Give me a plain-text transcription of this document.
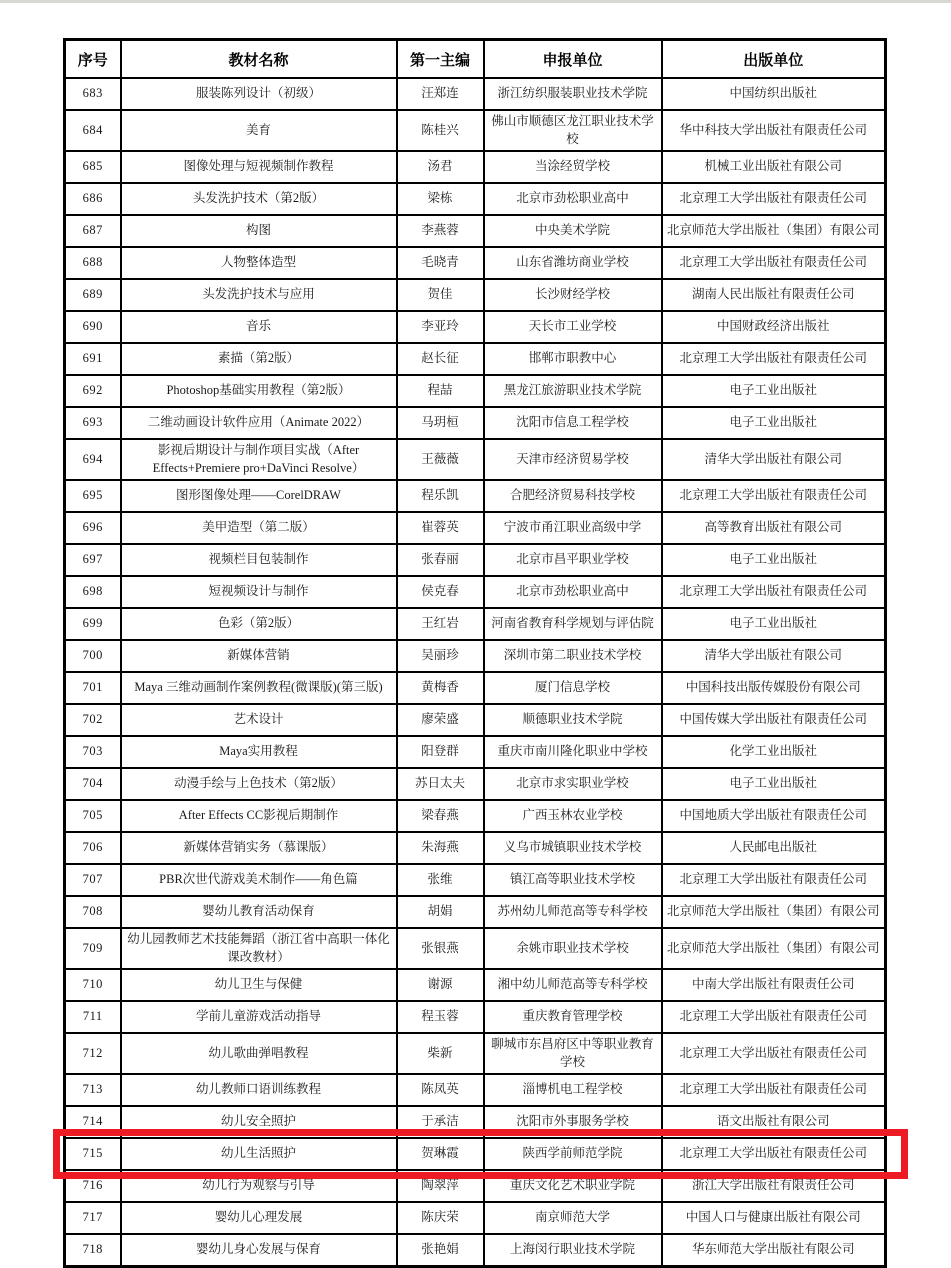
序号	教材名称	第一主编	申报单位	出版单位
683	服装陈列设计（初级）	汪郑连	浙江纺织服装职业技术学院	中国纺织出版社
684	美育	陈桂兴	佛山市顺德区龙江职业技术学校	华中科技大学出版社有限责任公司
685	图像处理与短视频制作教程	汤君	当涂经贸学校	机械工业出版社有限公司
686	头发洗护技术（第2版）	梁栋	北京市劲松职业高中	北京理工大学出版社有限责任公司
687	构图	李燕蓉	中央美术学院	北京师范大学出版社（集团）有限公司
688	人物整体造型	毛晓青	山东省潍坊商业学校	北京理工大学出版社有限责任公司
689	头发洗护技术与应用	贺佳	长沙财经学校	湖南人民出版社有限责任公司
690	音乐	李亚玲	天长市工业学校	中国财政经济出版社
691	素描（第2版）	赵长征	邯郸市职教中心	北京理工大学出版社有限责任公司
692	Photoshop基础实用教程（第2版）	程喆	黑龙江旅游职业技术学院	电子工业出版社
693	二维动画设计软件应用（Animate 2022）	马玥桓	沈阳市信息工程学校	电子工业出版社
694	影视后期设计与制作项目实战（After Effects+Premiere pro+DaVinci Resolve）	王薇薇	天津市经济贸易学校	清华大学出版社有限公司
695	图形图像处理——CorelDRAW	程乐凯	合肥经济贸易科技学校	北京理工大学出版社有限责任公司
696	美甲造型（第二版）	崔蓉英	宁波市甬江职业高级中学	高等教育出版社有限公司
697	视频栏目包装制作	张春丽	北京市昌平职业学校	电子工业出版社
698	短视频设计与制作	侯克春	北京市劲松职业高中	北京理工大学出版社有限责任公司
699	色彩（第2版）	王红岩	河南省教育科学规划与评估院	电子工业出版社
700	新媒体营销	吴丽珍	深圳市第二职业技术学校	清华大学出版社有限公司
701	Maya 三维动画制作案例教程(微课版)(第三版)	黄梅香	厦门信息学校	中国科技出版传媒股份有限公司
702	艺术设计	廖荣盛	顺德职业技术学院	中国传媒大学出版社有限责任公司
703	Maya实用教程	阳登群	重庆市南川隆化职业中学校	化学工业出版社
704	动漫手绘与上色技术（第2版）	苏日太夫	北京市求实职业学校	电子工业出版社
705	After Effects CC影视后期制作	梁春燕	广西玉林农业学校	中国地质大学出版社有限责任公司
706	新媒体营销实务（慕课版）	朱海燕	义乌市城镇职业技术学校	人民邮电出版社
707	PBR次世代游戏美术制作——角色篇	张维	镇江高等职业技术学校	北京理工大学出版社有限责任公司
708	婴幼儿教育活动保育	胡娟	苏州幼儿师范高等专科学校	北京师范大学出版社（集团）有限公司
709	幼儿园教师艺术技能舞蹈（浙江省中高职一体化课改教材）	张银燕	余姚市职业技术学校	北京师范大学出版社（集团）有限公司
710	幼儿卫生与保健	谢源	湘中幼儿师范高等专科学校	中南大学出版社有限责任公司
711	学前儿童游戏活动指导	程玉蓉	重庆教育管理学校	北京理工大学出版社有限责任公司
712	幼儿歌曲弹唱教程	柴新	聊城市东昌府区中等职业教育学校	北京理工大学出版社有限责任公司
713	幼儿教师口语训练教程	陈凤英	淄博机电工程学校	北京理工大学出版社有限责任公司
714	幼儿安全照护	于承洁	沈阳市外事服务学校	语文出版社有限公司
715	幼儿生活照护	贺琳霞	陕西学前师范学院	北京理工大学出版社有限责任公司
716	幼儿行为观察与引导	陶翠萍	重庆文化艺术职业学院	浙江大学出版社有限责任公司
717	婴幼儿心理发展	陈庆荣	南京师范大学	中国人口与健康出版社有限公司
718	婴幼儿身心发展与保育	张艳娟	上海闵行职业技术学院	华东师范大学出版社有限公司
